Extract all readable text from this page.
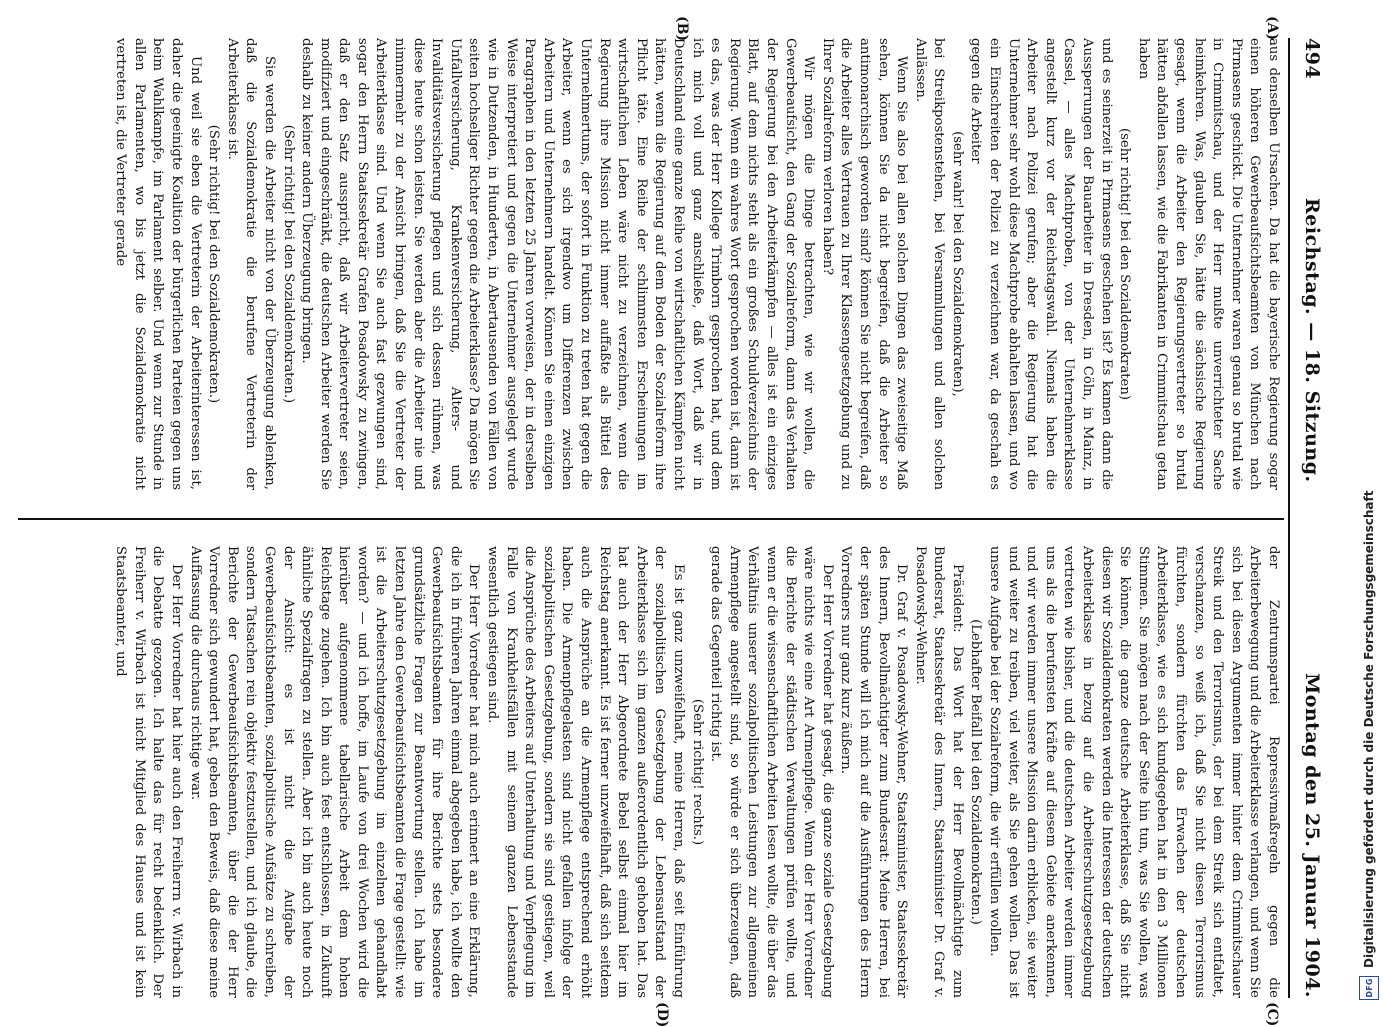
494
Reichstag. — 18. Sitzung.
Montag den 25. Januar 1904.
(A)
(B)
(C)
(D)

aus denselben Ursachen. Da hat die bayerische Regierung sogar einen höheren Gewerbeaufsichtsbeamten von München nach Pirmasens geschickt. Die Unternehmer waren genau so brutal wie in Crimmitschau, und der Herr mußte unverrichteter Sache heimkehren. Was, glauben Sie, hätte die sächsische Regierung gesagt, wenn die Arbeiter den Regierungsvertreter so brutal hätten abfallen lassen, wie die Fabrikanten in Crimmitschau getan haben

(sehr richtig! bei den Sozialdemokraten)

und es seinerzeit in Pirmasens geschehen ist? Es kamen dann die Aussperrungen der Bauarbeiter in Dresden, in Cöln, in Mainz, in Cassel, — alles Machtproben, von der Unternehmerklasse angestellt kurz vor der Reichstagswahl. Niemals haben die Arbeiter nach Polizei gerufen; aber die Regierung hat die Unternehmer sehr wohl diese Machtprobe abhalten lassen, und wo ein Einschreiten der Polizei zu verzeichnen war, da geschah es gegen die Arbeiter

(sehr wahr! bei den Sozialdemokraten),

bei Streikpostenstehen, bei Versammlungen und allen solchen Anlässen.

Wenn Sie also bei allen solchen Dingen das zweiseitige Maß sehen, können Sie da nicht begreifen, daß die Arbeiter so antimonarchisch geworden sind? können Sie nicht begreifen, daß die Arbeiter alles Vertrauen zu Ihrer Klassengesetzgebung und zu Ihrer Sozialreform verloren haben?

Wir mögen die Dinge betrachten, wie wir wollen, die Gewerbeaufsicht, den Gang der Sozialreform, dann das Verhalten der Regierung bei den Arbeiterkämpfen — alles ist ein einziges Blatt, auf dem nichts steht als ein großes Schuldverzeichnis der Regierung. Wenn ein wahres Wort gesprochen worden ist, dann ist es das, was der Herr Kollege Trimborn gesprochen hat, und dem ich mich voll und ganz anschließe, daß Wort, daß wir in Deutschland eine ganze Reihe von wirtschaftlichen Kämpfen nicht hätten, wenn die Regierung auf dem Boden der Sozialreform ihre Pflicht täte. Eine Reihe der schlimmsten Erscheinungen im wirtschaftlichen Leben wäre nicht zu verzeichnen, wenn die Regierung ihre Mission nicht immer auffaßte als Büttel des Unternehmertums, der sofort in Funktion zu treten hat gegen die Arbeiter, wenn es sich irgendwo um Differenzen zwischen Arbeitern und Unternehmern handelt. Können Sie einen einzigen Paragraphen in den letzten 25 Jahren vorweisen, der in derselben Weise interpretiert und gegen die Unternehmer ausgelegt wurde wie in Dutzenden, in Hunderten, in Abertausenden von Fällen von seiten hochseliger Richter gegen die Arbeiterklasse? Da mögen Sie Unfallversicherung, Krankenversicherung, Alters- und Invaliditätsversicherung pflegen und sich dessen rühmen, was diese heute schon leisten. Sie werden aber die Arbeiter nie und nimmermehr zu der Ansicht bringen, daß Sie die Vertreter der Arbeiterklasse sind. Und wenn Sie auch fast gezwungen sind, sogar den Herrn Staatssekretär Grafen Posadowsky zu zwingen, daß er den Satz ausspricht, daß wir Arbeitervertreter seien, modifiziert und eingeschränkt, die deutschen Arbeiter werden Sie deshalb zu keiner andern Überzeugung bringen.

(Sehr richtig! bei den Sozialdemokraten.)

Sie werden die Arbeiter nicht von der Überzeugung ablenken, daß die Sozialdemokratie die berufene Vertreterin der Arbeiterklasse ist.

(Sehr richtig! bei den Sozialdemokraten.)

Und weil sie eben die Vertreterin der Arbeiterinteressen ist, daher die geeinigte Koalition der bürgerlichen Parteien gegen uns beim Wahlkampfe, im Parlament selber. Und wenn zur Stunde in allen Parlamenten, wo bis jetzt die Sozialdemokratie nicht vertreten ist, die Vertreter gerade

der Zentrumspartei Repressivmaßregeln gegen die Arbeiterbewegung und die Arbeiterklasse verlangen, und wenn Sie sich bei diesen Argumenten immer hinter dem Crimmitschauer Streik und den Terrorismus, der bei dem Streik sich entfaltet, verschanzen, so weiß ich, daß Sie nicht diesen Terrorismus fürchten, sondern fürchten das Erwachen der deutschen Arbeiterklasse, wie es sich kundgegeben hat in den 3 Millionen Stimmen. Sie mögen nach der Seite hin tun, was Sie wollen, was Sie können, die ganze deutsche Arbeiterklasse, daß Sie nicht diesen wir Sozialdemokraten werden die Interessen der deutschen Arbeiterklasse in bezug auf die Arbeiterschutzgesetzgebung vertreten wie bisher, und die deutschen Arbeiter werden immer uns als die berufensten Kräfte auf diesem Gebiete anerkennen, und wir werden immer unsere Mission darin erblicken, sie weiter und weiter zu treiben, viel weiter, als Sie gehen wollen. Das ist unsere Aufgabe bei der Sozialreform, die wir erfüllen wollen.

(Lebhafter Beifall bei den Sozialdemokraten.)

Präsident: Das Wort hat der Herr Bevollmächtigte zum Bundesrat, Staatssekretär des Innern, Staatsminister Dr. Graf v. Posadowsky-Wehner.

Dr. Graf v. Posadowsky-Wehner, Staatsminister, Staatssekretär des Innern, Bevollmächtigter zum Bundesrat: Meine Herren, bei der späten Stunde will ich mich auf die Ausführungen des Herrn Vorredners nur ganz kurz äußern.

Der Herr Vorredner hat gesagt, die ganze soziale Gesetzgebung wäre nichts wie eine Art Armenpflege. Wenn der Herr Vorredner die Berichte der städtischen Verwaltungen prüfen wollte, und wenn er die wissenschaftlichen Arbeiten lesen wollte, die über das Verhältnis unserer sozialpolitischen Leistungen zur allgemeinen Armenpflege angestellt sind, so würde er sich überzeugen, daß gerade das Gegenteil richtig ist.

(Sehr richtig! rechts.)

Es ist ganz unzweifelhaft, meine Herren, daß seit Einführung der sozialpolitischen Gesetzgebung der Lebensaufstand der Arbeiterklasse sich im ganzen außerordentlich gehoben hat. Das hat auch der Herr Abgeordnete Bebel selbst einmal hier im Reichstag anerkannt. Es ist ferner unzweifelhaft, daß sich seitdem auch die Ansprüche an die Armenpflege entsprechend erhöht haben. Die Armenpflegelasten sind nicht gefallen infolge der sozialpolitischen Gesetzgebung, sondern sie sind gestiegen, weil die Ansprüche des Arbeiters auf Unterhaltung und Verpflegung im Falle von Krankheitsfällen mit seinem ganzen Lebensstande wesentlich gestiegen sind.

Der Herr Vorredner hat mich auch erinnert an eine Erklärung, die ich in früheren Jahren einmal abgegeben habe, ich wollte den Gewerbeaufsichtsbeamten für ihre Berichte stets besondere grundsätzliche Fragen zur Beantwortung stellen. Ich habe im letzten Jahre den Gewerbeaufsichtsbeamten die Frage gestellt: wie ist die Arbeiterschutzgesetzgebung im einzelnen gehandhabt worden? — und ich hoffe, im Laufe von drei Wochen wird die hierüber aufgenommene tabellarische Arbeit dem hohen Reichstage zugehen. Ich bin auch fest entschlossen, in Zukunft ähnliche Spezialfragen zu stellen. Aber ich bin auch heute noch der Ansicht: es ist nicht die Aufgabe der Gewerbeaufsichtsbeamten, sozialpolitische Aufsätze zu schreiben, sondern Tatsachen rein objektiv festzustellen, und ich glaube, die Berichte der Gewerbeaufsichtsbeamten, über die der Herr Vorredner sich gewundert hat, geben den Beweis, daß diese meine Auffassung die durchaus richtige war.

Der Herr Vorredner hat hier auch den Freiherrn v. Wirbach in die Debatte gezogen. Ich halte das für recht bedenklich. Der Freiherr v. Wirbach ist nicht Mitglied des Hauses und ist kein Staatsbeamter, und

DFG
Digitalisierung gefördert durch die Deutsche Forschungsgemeinschaft
